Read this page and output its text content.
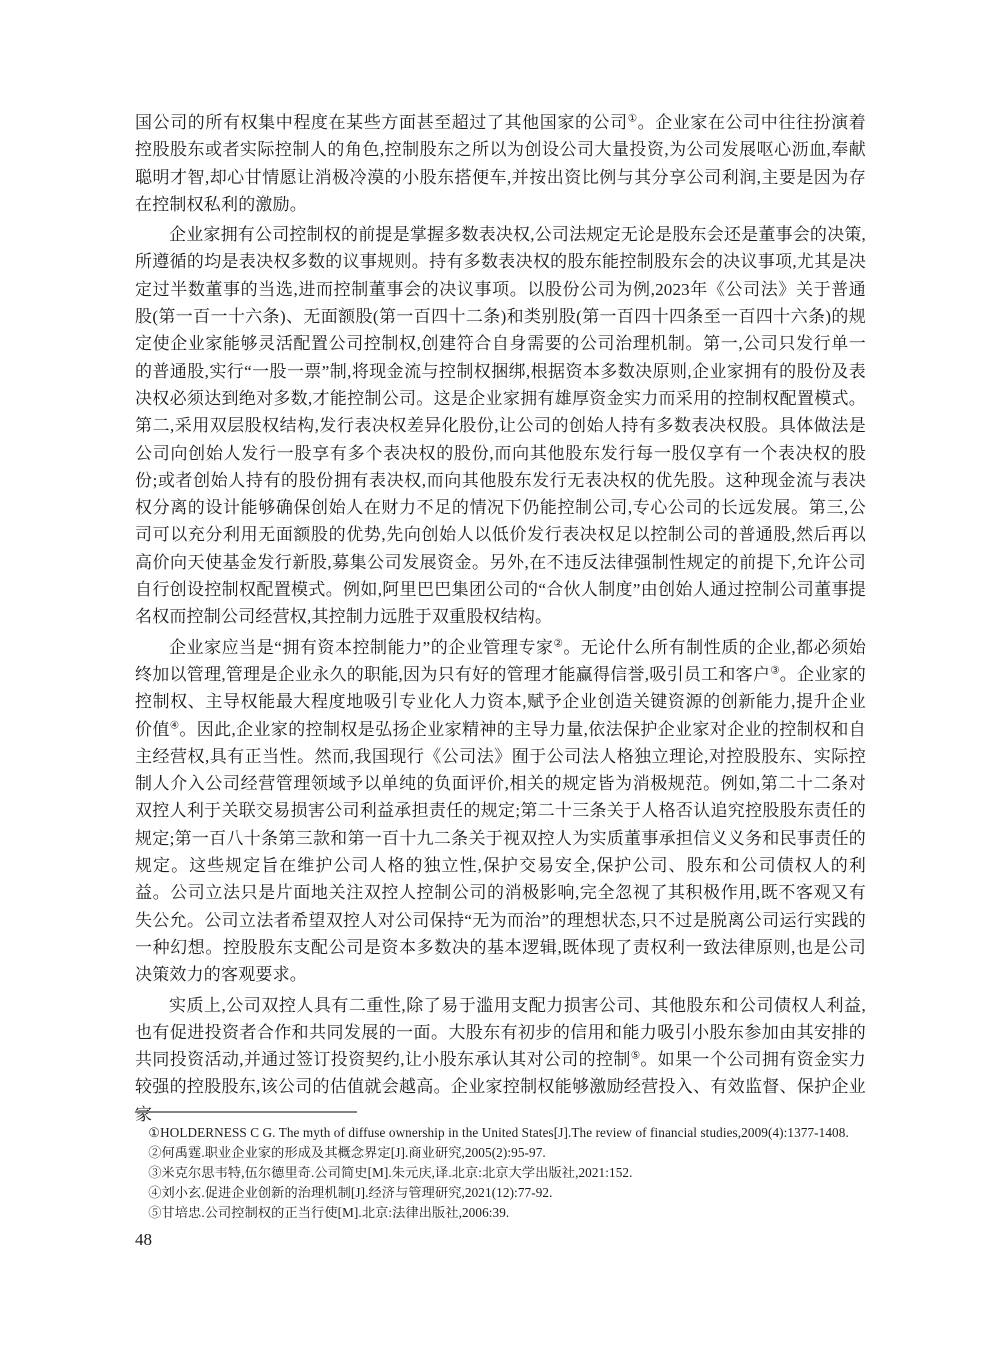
国公司的所有权集中程度在某些方面甚至超过了其他国家的公司①。企业家在公司中往往扮演着控股股东或者实际控制人的角色,控制股东之所以为创设公司大量投资,为公司发展呕心沥血,奉献聪明才智,却心甘情愿让消极冷漠的小股东搭便车,并按出资比例与其分享公司利润,主要是因为存在控制权私利的激励。

企业家拥有公司控制权的前提是掌握多数表决权,公司法规定无论是股东会还是董事会的决策,所遵循的均是表决权多数的议事规则。持有多数表决权的股东能控制股东会的决议事项,尤其是决定过半数董事的当选,进而控制董事会的决议事项。以股份公司为例,2023年《公司法》关于普通股(第一百一十六条)、无面额股(第一百四十二条)和类别股(第一百四十四条至一百四十六条)的规定使企业家能够灵活配置公司控制权,创建符合自身需要的公司治理机制。第一,公司只发行单一的普通股,实行“一股一票”制,将现金流与控制权捆绑,根据资本多数决原则,企业家拥有的股份及表决权必须达到绝对多数,才能控制公司。这是企业家拥有雄厚资金实力而采用的控制权配置模式。第二,采用双层股权结构,发行表决权差异化股份,让公司的创始人持有多数表决权股。具体做法是公司向创始人发行一股享有多个表决权的股份,而向其他股东发行每一股仅享有一个表决权的股份;或者创始人持有的股份拥有表决权,而向其他股东发行无表决权的优先股。这种现金流与表决权分离的设计能够确保创始人在财力不足的情况下仍能控制公司,专心公司的长远发展。第三,公司可以充分利用无面额股的优势,先向创始人以低价发行表决权足以控制公司的普通股,然后再以高价向天使基金发行新股,募集公司发展资金。另外,在不违反法律强制性规定的前提下,允许公司自行创设控制权配置模式。例如,阿里巴巴集团公司的“合伙人制度”由创始人通过控制公司董事提名权而控制公司经营权,其控制力远胜于双重股权结构。

企业家应当是“拥有资本控制能力”的企业管理专家②。无论什么所有制性质的企业,都必须始终加以管理,管理是企业永久的职能,因为只有好的管理才能赢得信誉,吸引员工和客户③。企业家的控制权、主导权能最大程度地吸引专业化人力资本,赋予企业创造关键资源的创新能力,提升企业价值④。因此,企业家的控制权是弘扬企业家精神的主导力量,依法保护企业家对企业的控制权和自主经营权,具有正当性。然而,我国现行《公司法》囿于公司法人格独立理论,对控股股东、实际控制人介入公司经营管理领域予以单纯的负面评价,相关的规定皆为消极规范。例如,第二十二条对双控人利于关联交易损害公司利益承担责任的规定;第二十三条关于人格否认追究控股股东责任的规定;第一百八十条第三款和第一百十九二条关于视双控人为实质董事承担信义义务和民事责任的规定。这些规定旨在维护公司人格的独立性,保护交易安全,保护公司、股东和公司债权人的利益。公司立法只是片面地关注双控人控制公司的消极影响,完全忽视了其积极作用,既不客观又有失公允。公司立法者希望双控人对公司保持“无为而治”的理想状态,只不过是脱离公司运行实践的一种幻想。控股股东支配公司是资本多数决的基本逻辑,既体现了责权利一致法律原则,也是公司决策效力的客观要求。

实质上,公司双控人具有二重性,除了易于滥用支配力损害公司、其他股东和公司债权人利益,也有促进投资者合作和共同发展的一面。大股东有初步的信用和能力吸引小股东参加由其安排的共同投资活动,并通过签订投资契约,让小股东承认其对公司的控制⑤。如果一个公司拥有资金实力较强的控股股东,该公司的估值就会越高。企业家控制权能够激励经营投入、有效监督、保护企业家

①HOLDERNESS C G. The myth of diffuse ownership in the United States[J].The review of financial studies,2009(4):1377-1408.
②何禹霆.职业企业家的形成及其概念界定[J].商业研究,2005(2):95-97.
③米克尔思韦特,伍尔德里奇.公司简史[M].朱元庆,译.北京:北京大学出版社,2021:152.
④刘小玄.促进企业创新的治理机制[J].经济与管理研究,2021(12):77-92.
⑤甘培忠.公司控制权的正当行使[M].北京:法律出版社,2006:39.
48
